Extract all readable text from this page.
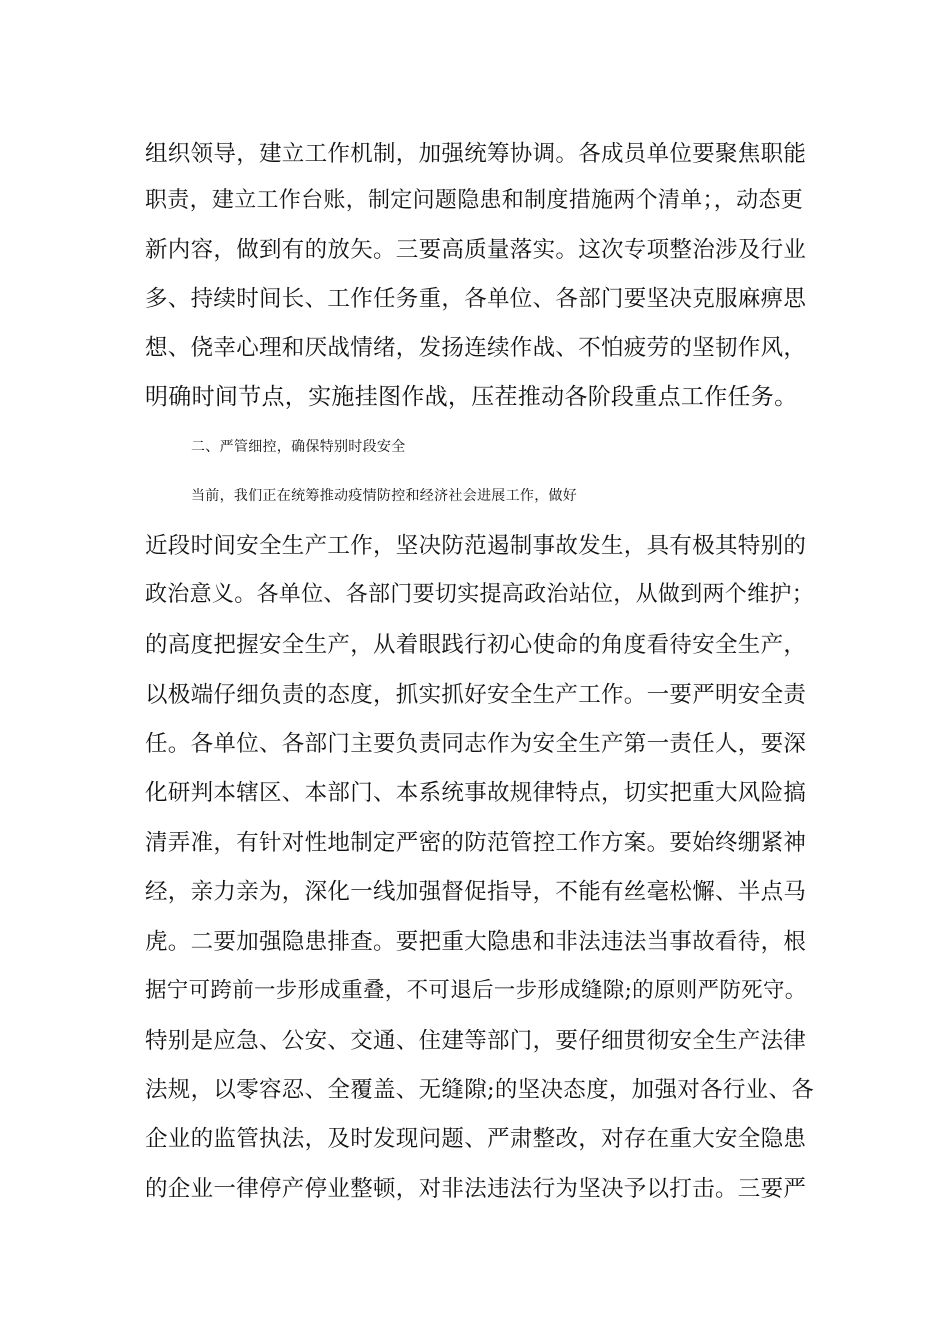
组织领导，建立工作机制，加强统筹协调。各成员单位要聚焦职能
职责，建立工作台账，制定问题隐患和制度措施两个清单；，动态更
新内容，做到有的放矢。三要高质量落实。这次专项整治涉及行业
多、持续时间长、工作任务重，各单位、各部门要坚决克服麻痹思
想、侥幸心理和厌战情绪，发扬连续作战、不怕疲劳的坚韧作风，
明确时间节点，实施挂图作战，压茬推动各阶段重点工作任务。
二、严管细控，确保特别时段安全
当前，我们正在统筹推动疫情防控和经济社会进展工作，做好
近段时间安全生产工作，坚决防范遏制事故发生，具有极其特别的
政治意义。各单位、各部门要切实提高政治站位，从做到两个维护；
的高度把握安全生产，从着眼践行初心使命的角度看待安全生产，
以极端仔细负责的态度，抓实抓好安全生产工作。一要严明安全责
任。各单位、各部门主要负责同志作为安全生产第一责任人，要深
化研判本辖区、本部门、本系统事故规律特点，切实把重大风险搞
清弄准，有针对性地制定严密的防范管控工作方案。要始终绷紧神
经，亲力亲为，深化一线加强督促指导，不能有丝毫松懈、半点马
虎。二要加强隐患排查。要把重大隐患和非法违法当事故看待，根
据宁可跨前一步形成重叠，不可退后一步形成缝隙;的原则严防死守。
特别是应急、公安、交通、住建等部门，要仔细贯彻安全生产法律
法规，以零容忍、全覆盖、无缝隙;的坚决态度，加强对各行业、各
企业的监管执法，及时发现问题、严肃整改，对存在重大安全隐患
的企业一律停产停业整顿，对非法违法行为坚决予以打击。三要严
